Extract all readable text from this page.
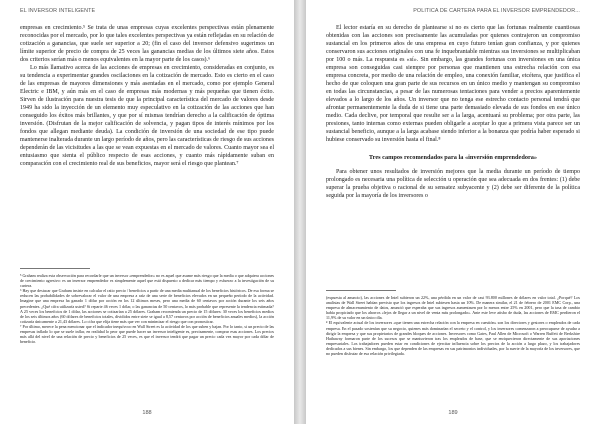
EL INVERSOR INTELIGENTE

empresas en crecimiento.⁵ Se trata de unas empresas cuyas excelentes perspectivas están plenamente reconocidas por el mercado, por lo que tales excelentes perspectivas ya están reflejadas en su relación de cotización a ganancias, que suele ser superior a 20; (fin el caso del inversor defensivo sugerimos un límite superior de precio de compra de 25 veces las ganancias medias de los últimos siete años. Estos dos criterios serían más o menos equivalentes en la mayor parte de los casos).⁶

Lo más llamativo acerca de las acciones de empresas en crecimiento, consideradas en conjunto, es su tendencia a experimentar grandes oscilaciones en la cotización de mercado. Esto es cierto en el caso de las empresas de mayores dimensiones y más asentadas en el mercado, como por ejemplo General Electric e IBM, y aún más en el caso de empresas más modernas y más pequeñas que tienen éxito. Sirven de ilustración para nuestra tesis de que la principal característica del mercado de valores desde 1949 ha sido la inyección de un elemento muy especulativo en la cotización de las acciones que han conseguido los éxitos más brillantes, y que por sí mismas tendrían derecho a la calificación de óptima inversión. (Disfrutan de la mejor calificación de solvencia, y pagan tipos de interés mínimos por los fondos que allegan mediante deuda). La condición de inversión de una sociedad de ese tipo puede mantenerse inalterada durante un largo período de años, pero las características de riesgo de sus acciones dependerán de las vicisitudes a las que se vean expuestas en el mercado de valores. Cuanto mayor sea el entusiasmo que sienta el público respecto de esas acciones, y cuanto más rápidamente suban en comparación con el crecimiento real de sus beneficios, mayor será el riesgo que plantean.⁷

⁵ Graham realiza esta observación para recordarle que un inversor «emprendedor» no es aquel que asume más riesgo que la media o que adquiera acciones de crecimiento agresivo: es un inversor emprendedor es simplemente aquel que está dispuesto a dedicar más tiempo y esfuerzo a la investigación de su cartera.

⁶ Hay que destacar que Graham insiste en calcular el ratio precio / beneficios a partir de una media multianual de los beneficios históricos. De esa forma se reducen las probabilidades de sobrevalorar el valor de una empresa a raíz de una serie de beneficios elevados en un pequeño período de la actividad. Imagine que una empresa ha ganado 1 dólar por acción en los 12 últimos meses, pero una media de 60 centavos por acción durante los seis años precedentes. ¿Qué cifra utilizaría usted? Si reparte 46 veces 1 dólar, o las ganancias de 50 centavos, lo más probable que represente la tendencia estimada? A 25 veces los beneficios de 1 dólar, las acciones se cotizarían a 25 dólares. Graham recomienda un precio de 15 dólares: 30 veces los beneficios medios de los seis últimos años (60 dólares de beneficios totales, divididos entre siete se igual a 8,57 centavos por acción de beneficios anuales medios), la acción cotizaría únicamente a 21,43 dólares. Lo cifra que elija tiene más que ver con minimizar el riesgo que con pronosticar.

⁷ Por último, merece la pena mencionar que el indicador inequívoco en Wall Street es la actividad de los que suben y bajan. Por lo tanto, si un precio de las empresas inflado lo que se suele inflar, en realidad lo peor que puede hacer un inversor inteligente es, precisamente, comprar esas acciones. Los precios más allá del nivel de una relación de precio y beneficios de 25 veces, es que el inversor tendrá que pagar un precio cada vez mayor por cada dólar de beneficio.

188
POLÍTICA DE CARTERA PARA EL INVERSOR EMPRENDEDOR...

El lector estaría en su derecho de plantearse si no es cierto que las fortunas realmente cuantiosas obtenidas con las acciones son precisamente las acumuladas por quienes contrajeron un compromiso sustancial en los primeros años de una empresa en cuyo futuro tenían gran confianza, y por quienes conservaron sus acciones originales con una fe inquebrantable mientras sus inversiones se multiplicaban por 100 o más. La respuesta es «sí». Sin embargo, las grandes fortunas con inversiones en una única empresa son conseguidas casi siempre por personas que mantienen una estrecha relación con esa empresa concreta, por medio de una relación de empleo, una conexión familiar, etcétera, que justifica el hecho de que coloquen una gran parte de sus recursos en un único medio y mantengan su compromiso en todas las circunstancias, a pesar de las numerosas tentaciones para vender a precios aparentemente elevados a lo largo de los años. Un inversor que no tenga ese estrecho contacto personal tendrá que afrontar permanentemente la duda de si tiene una parte demasiado elevada de sus fondos en ese único medio. Cada declive, por temporal que resulte ser a la larga, acentuará su problema; por otra parte, las presiones, tanto internas como externas pueden obligarle a aceptar lo que a primera vista parece ser un sustancial beneficio, aunque a la larga acabase siendo inferior a la bonanza que podría haber esperado si hubiese conservado su inversión hasta el final.⁸

Tres campos recomendados para la «inversión emprendedora»

Para obtener unos resultados de inversión mejores que la media durante un período de tiempo prolongado es necesaria una política de selección u operación que sea adecuada en dos frentes: (1) debe superar la prueba objetiva o racional de su sensatez subyacente y (2) debe ser diferente de la política seguida por la mayoría de los inversores o

(expuesta al anuncio), las acciones de Intel subieron un 22%, una pérdida en un valor de casi 93.800 millones de dólares en valor total. ¿Porqué? Los analistas de Wall Street habían previsto que los ingresos de Intel subiesen hasta un 10%. De manera similar, el 21 de febrero de 2001 EMC Corp., una empresa de almacenamiento de datos, anunció que esperaba que sus ingresos aumentasen por lo menos entre 25% en 2001, pero que la tasa de cambio había propiciado que los ahorros «lejos de llegar a un nivel de venta más prolongado». Ante este leve atisbo de duda, las acciones de EMC perdieron el 11,9% de su valor en un único día.

⁸ El equivalente actual de los inversores «que tienen una estrecha relación con la empresa en cuestión» son los directores y gestores o empleados de cada empresa. En el pasado sostenían que su negocio, quienes más dominarían el secreto y el control, y los inversores comenzaron a preocuparse de ayudar a dirigir la empresa y que sus propietarios de grandes bloques de acciones. Inversores como Gates, Paul Allen de Microsoft o Warren Buffett de Berkshire Hathaway formaron parte de los sucesos que se mantuvieron tras los empleados de base, que se enriquecieron directamente de sus aportaciones empresariales. Los trabajadores pueden estar en condiciones de ejercitar influencia sobre los precios de la acción a largo plazo, y los trabajadores dedicados a sus bienes. Sin embargo, los que dependen de las empresas en sus patrimonios individuales, por la suerte de la mayoría de los inversores, que no pueden disfrutar de esa relación privilegiada.

189
